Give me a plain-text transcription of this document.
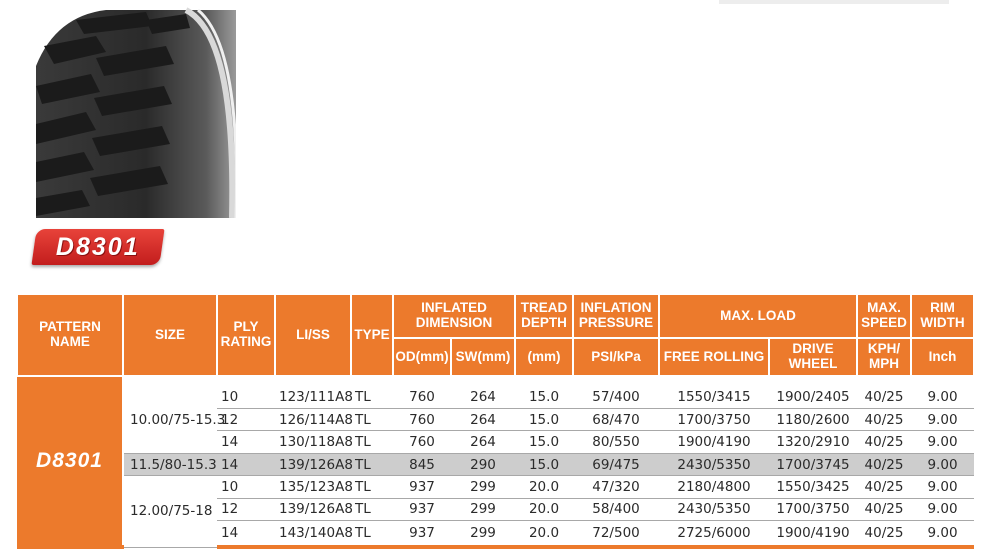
D8301
PATTERN NAME	SIZE	PLY RATING	LI/SS	TYPE	INFLATED DIMENSION		TREAD DEPTH	INFLATION PRESSURE	MAX. LOAD		MAX. SPEED	RIM WIDTH
					OD(mm)	SW(mm)	(mm)	PSI/kPa	FREE ROLLING	DRIVE WHEEL	KPH/ MPH	Inch
D8301												
	10.00/75-15.3	10	123/111A8	TL	760	264	15.0	57/400	1550/3415	1900/2405	40/25	9.00
		12	126/114A8	TL	760	264	15.0	68/470	1700/3750	1180/2600	40/25	9.00
		14	130/118A8	TL	760	264	15.0	80/550	1900/4190	1320/2910	40/25	9.00
	11.5/80-15.3	14	139/126A8	TL	845	290	15.0	69/475	2430/5350	1700/3745	40/25	9.00
	12.00/75-18	10	135/123A8	TL	937	299	20.0	47/320	2180/4800	1550/3425	40/25	9.00
		12	139/126A8	TL	937	299	20.0	58/400	2430/5350	1700/3750	40/25	9.00
		14	143/140A8	TL	937	299	20.0	72/500	2725/6000	1900/4190	40/25	9.00
